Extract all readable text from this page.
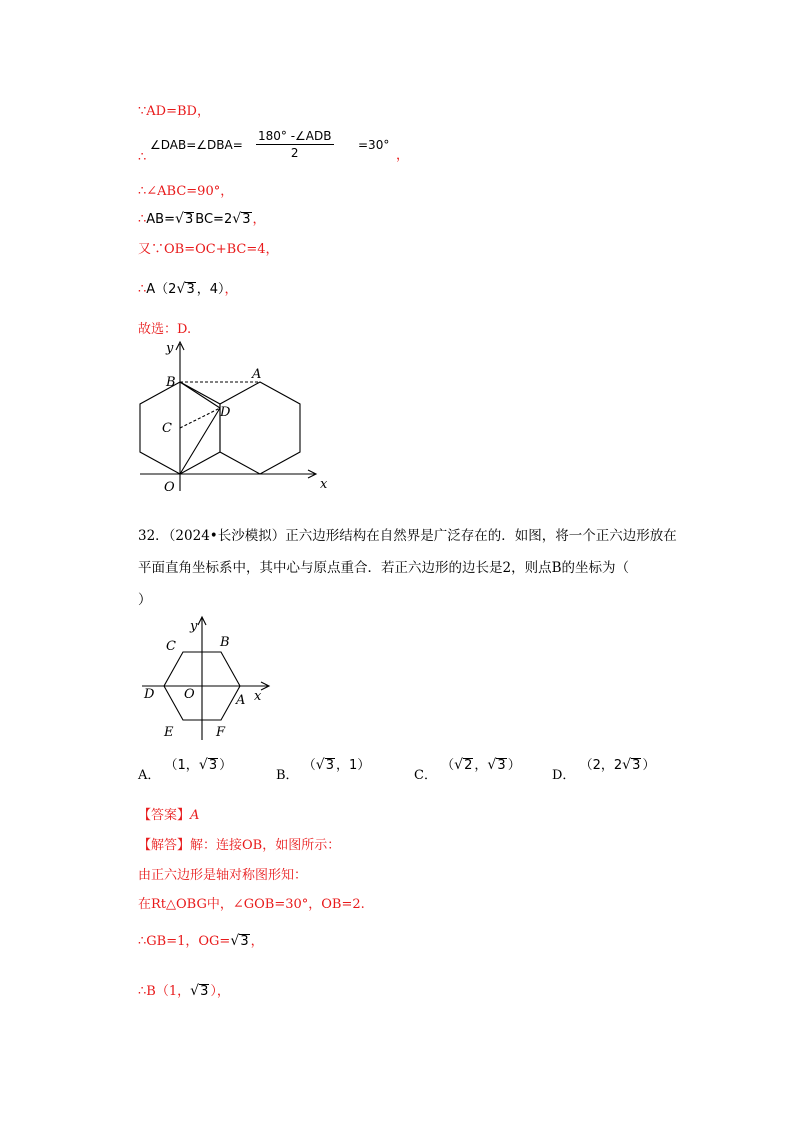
∵AD=BD，
∴
∠DAB=∠DBA=
180° -∠ADB
2
=30°
，
∴∠ABC=90°，
∴AB= √ 3 BC=2 √ 3 ，
又∵OB=OC+BC=4，
∴A（2 √ 3 ，4），
故选：D.
y
x
B
A
C
D
O
32．（2024•长沙模拟）正六边形结构在自然界是广泛存在的．如图，将一个正六边形放在
平面直角坐标系中，其中心与原点重合．若正六边形的边长是2，则点B的坐标为（
）
y
x
B
C
D O	A
E	F
A． （1， √ 3 ）
B． （ √ 3 ，1）
C． （ √ 2 ， √ 3 ）
D． （2，2 √ 3 ）
【答案】A
【解答】解：连接OB，如图所示：
由正六边形是轴对称图形知：
在Rt△OBG中，∠GOB=30°，OB=2.
∴GB=1，OG= √ 3 ，
∴B（1， √ 3 ），
